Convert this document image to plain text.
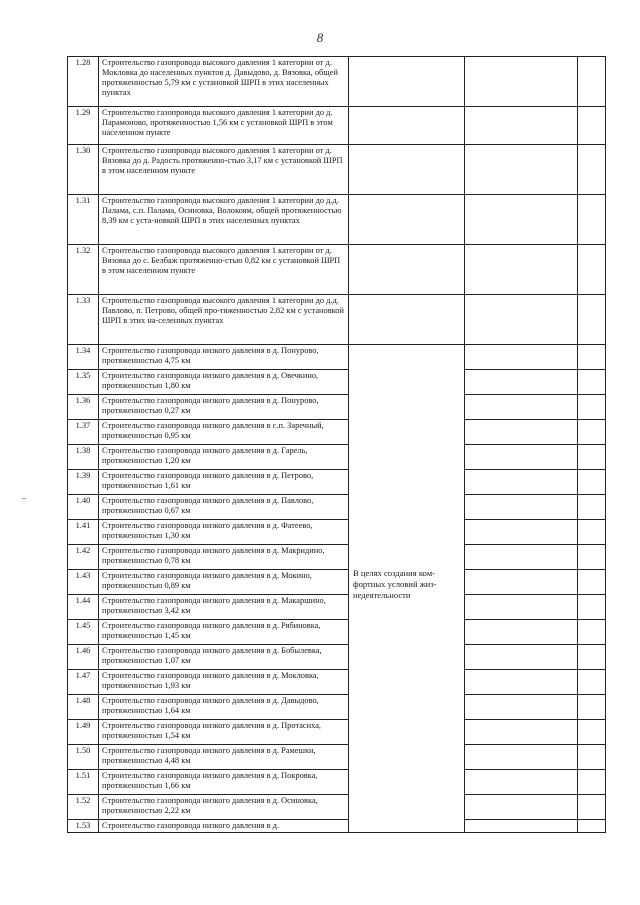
8
1.28	Строительство газопровода высокого давления 1 категории от д. Мокловка до населенных пунктов д. Давыдово, д. Вязовка, общей протяженностью 5,79 км с установкой ШРП в этих населенных пунктах			
1.29	Строительство газопровода высокого давления 1 категории до д. Парамоново, протяженностью 1,56 км с установкой ШРП в этом населенном пункте			
1.30	Строительство газопровода высокого давления 1 категории от д. Вязовка до д. Радость протяженно-стью 3,17 км с установкой ШРП в этом населенном пункте			
1.31	Строительство газопровода высокого давления 1 категории до д.д. Палама, с.п. Палама, Осиновка, Волокоям, общей протяженностью 8,39 км с уста-новкой ШРП в этих населенных пунктах			
1.32	Строительство газопровода высокого давления 1 категории от д. Вязовка до с. Белбаж протяженно-стью 0,82 км с установкой ШРП в этом населенном пункте			
1.33	Строительство газопровода высокого давления 1 категории до д.д. Павлово, п. Петрово, общей про-тяженностью 2,82 км с установкой ШРП в этих на-селенных пунктах			
1.34	Строительство газопровода низкого давления в д. Понурово, протяженностью 4,75 км	В целях создания ком-фортных условий жиз-недеятельности		

1.35	Строительство газопровода низкого давления в д. Овечкино, протяженностью 1,80 км			
1.36	Строительство газопровода низкого давления в д. Понурово, протяженностью 0,27 км			
1.37	Строительство газопровода низкого давления в с.п. Заречный, протяженностью 0,95 км			
1.38	Строительство газопровода низкого давления в д. Гарель, протяженностью 1,20 км			
1.39	Строительство газопровода низкого давления в д. Петрово, протяженностью 1,61 км			
1.40	Строительство газопровода низкого давления в д. Павлово, протяженностью 0,67 км			
1.41	Строительство газопровода низкого давления в д. Фатеево, протяженностью 1,30 км			
1.42	Строительство газопровода низкого давления в д. Макридино, протяженностью 0,78 км			
1.43	Строительство газопровода низкого давления в д. Мокино, протяженностью 0,89 км			
1.44	Строительство газопровода низкого давления в д. Макаршино, протяженностью 3,42 км			
1.45	Строительство газопровода низкого давления в д. Рябиновка, протяженностью 1,45 км			
1.46	Строительство газопровода низкого давления в д. Бобылевка, протяженностью 1,07 км			
1.47	Строительство газопровода низкого давления в д. Мокловка, протяженностью 1,93 км			
1.48	Строительство газопровода низкого давления в д. Давыдово, протяженностью 1,64 км			
1.49	Строительство газопровода низкого давления в д. Протасиха, протяженностью 1,54 км			
1.50	Строительство газопровода низкого давления в д. Рамешки, протяженностью 4,48 км			
1.51	Строительство газопровода низкого давления в д. Покровка, протяженностью 1,66 км			
1.52	Строительство газопровода низкого давления в д. Осиновка, протяженностью 2,22 км			
1.53	Строительство газопровода низкого давления в д.			
